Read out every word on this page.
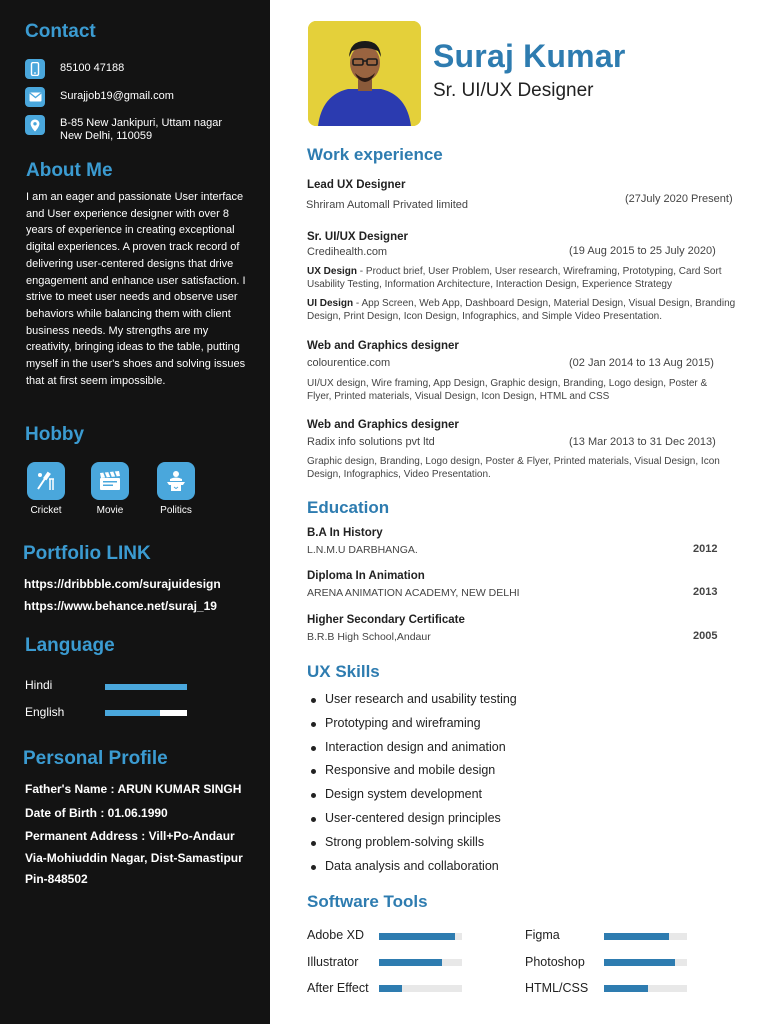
Contact
85100 47188
Surajjob19@gmail.com
B-85 New Jankipuri, Uttam nagar
New Delhi, 110059
About Me
I am an eager and passionate User interface and User experience designer with over 8 years of experience in creating exceptional digital experiences. A proven track record of delivering user-centered designs that drive engagement and enhance user satisfaction. I strive to meet user needs and observe user behaviors while balancing them with client business needs. My strengths are my creativity, bringing ideas to the table, putting myself in the user's shoes and solving issues that at first seem impossible.
Hobby
Cricket	Movie	Politics
Portfolio LINK
https://dribbble.com/surajuidesign
https://www.behance.net/suraj_19
Language
Hindi
English
Personal Profile
Father's Name : ARUN KUMAR SINGH
Date of Birth : 01.06.1990
Permanent Address : Vill+Po-Andaur
Via-Mohiuddin Nagar, Dist-Samastipur
Pin-848502
Suraj Kumar
Sr. UI/UX Designer
Work experience
Lead UX Designer
Shriram Automall Privated limited	(27July 2020 Present)
Sr. UI/UX Designer
Credihealth.com	(19 Aug 2015 to 25 July 2020)
UX Design - Product brief, User Problem, User research, Wireframing, Prototyping, Card Sort Usability Testing, Information Architecture, Interaction Design, Experience Strategy
UI Design - App Screen, Web App, Dashboard Design, Material Design, Visual Design, Branding Design, Print Design, Icon Design, Infographics, and Simple Video Presentation.
Web and Graphics designer
colourentice.com	(02 Jan 2014 to 13 Aug 2015)
UI/UX design, Wire framing, App Design, Graphic design, Branding, Logo design, Poster & Flyer, Printed materials, Visual Design, Icon Design, HTML and CSS
Web and Graphics designer
Radix info solutions pvt ltd	(13 Mar 2013 to 31 Dec 2013)
Graphic design, Branding, Logo design, Poster & Flyer, Printed materials, Visual Design, Icon Design, Infographics, Video Presentation.
Education
B.A In History
L.N.M.U DARBHANGA.	2012
Diploma In Animation
ARENA ANIMATION ACADEMY, NEW DELHI	2013
Higher Secondary Certificate
B.R.B High School,Andaur	2005
UX Skills
User research and usability testing
Prototyping and wireframing
Interaction design and animation
Responsive and mobile design
Design system development
User-centered design principles
Strong problem-solving skills
Data analysis and collaboration
Software Tools
Adobe XD	Figma
Illustrator	Photoshop
After Effect	HTML/CSS
